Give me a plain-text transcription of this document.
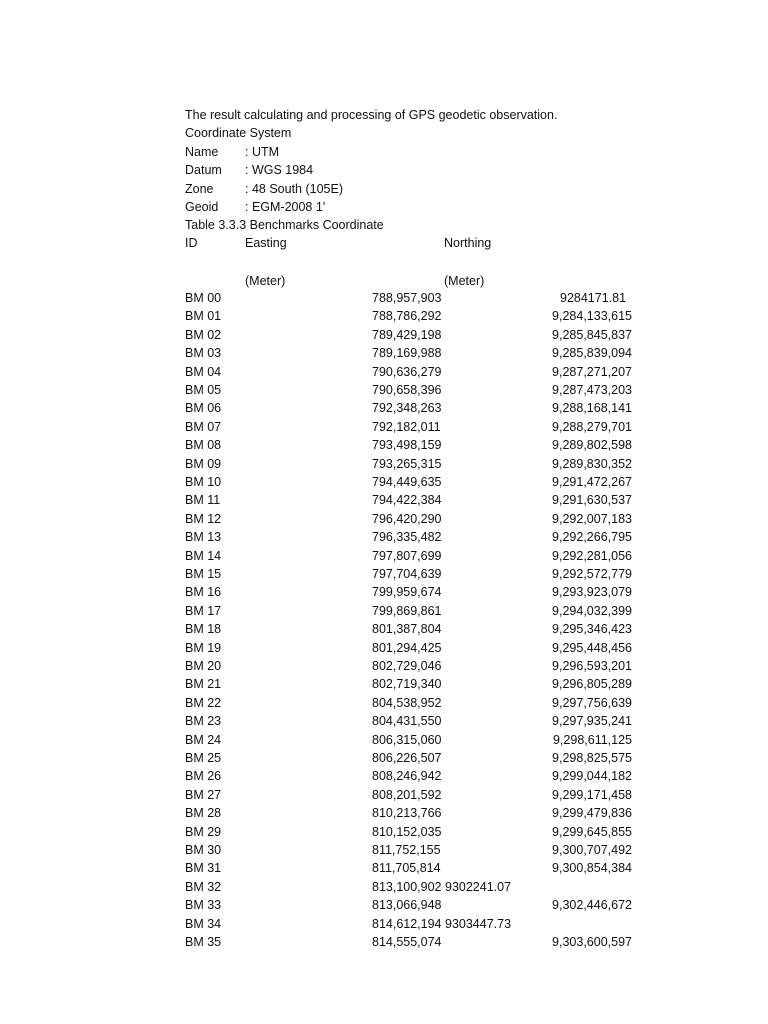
The result calculating and processing of GPS geodetic observation.
Coordinate System
Name : UTM
Datum : WGS 1984
Zone	: 48 South (105E)
Geoid : EGM-2008 1'
Table 3.3.3 Benchmarks Coordinate
ID	Easting	Northing
(Meter)	(Meter)
BM 00	788,957,903	9284171.81
BM 01	788,786,292	9,284,133,615
BM 02	789,429,198	9,285,845,837
BM 03	789,169,988	9,285,839,094
BM 04	790,636,279	9,287,271,207
BM 05	790,658,396	9,287,473,203
BM 06	792,348,263	9,288,168,141
BM 07	792,182,011	9,288,279,701
BM 08	793,498,159	9,289,802,598
BM 09	793,265,315	9,289,830,352
BM 10	794,449,635	9,291,472,267
BM 11	794,422,384	9,291,630,537
BM 12	796,420,290	9,292,007,183
BM 13	796,335,482	9,292,266,795
BM 14	797,807,699	9,292,281,056
BM 15	797,704,639	9,292,572,779
BM 16	799,959,674	9,293,923,079
BM 17	799,869,861	9,294,032,399
BM 18	801,387,804	9,295,346,423
BM 19	801,294,425	9,295,448,456
BM 20	802,729,046	9,296,593,201
BM 21	802,719,340	9,296,805,289
BM 22	804,538,952	9,297,756,639
BM 23	804,431,550	9,297,935,241
BM 24	806,315,060	9,298,611,125
BM 25	806,226,507	9,298,825,575
BM 26	808,246,942	9,299,044,182
BM 27	808,201,592	9,299,171,458
BM 28	810,213,766	9,299,479,836
BM 29	810,152,035	9,299,645,855
BM 30	811,752,155	9,300,707,492
BM 31	811,705,814	9,300,854,384
BM 32	813,100,902 9302241.07
BM 33	813,066,948	9,302,446,672
BM 34	814,612,194 9303447.73
BM 35	814,555,074	9,303,600,597
